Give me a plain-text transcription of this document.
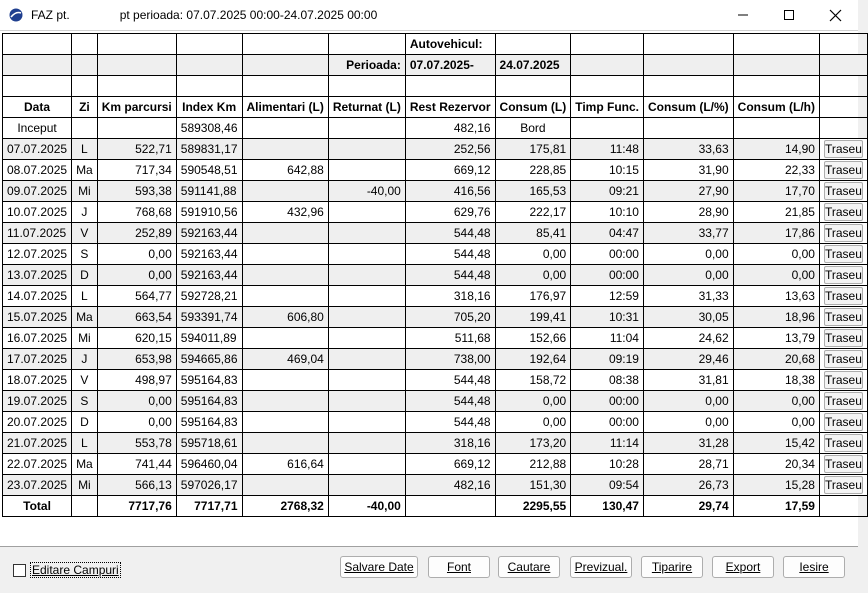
FAZ pt.	pt perioada: 07.07.2025 00:00-24.07.2025 00:00
						Autovehicul:					
					Perioada:	07.07.2025-	24.07.2025				

Data	Zi	Km parcursi	Index Km	Alimentari (L)	Returnat (L)	Rest Rezervor	Consum (L)	Timp Func.	Consum (L/%)	Consum (L/h)	
Inceput			589308,46			482,16	Bord				
07.07.2025	L	522,71	589831,17			252,56	175,81	11:48	33,63	14,90	Traseu
08.07.2025	Ma	717,34	590548,51	642,88		669,12	228,85	10:15	31,90	22,33	Traseu
09.07.2025	Mi	593,38	591141,88		-40,00	416,56	165,53	09:21	27,90	17,70	Traseu
10.07.2025	J	768,68	591910,56	432,96		629,76	222,17	10:10	28,90	21,85	Traseu
11.07.2025	V	252,89	592163,44			544,48	85,41	04:47	33,77	17,86	Traseu
12.07.2025	S	0,00	592163,44			544,48	0,00	00:00	0,00	0,00	Traseu
13.07.2025	D	0,00	592163,44			544,48	0,00	00:00	0,00	0,00	Traseu
14.07.2025	L	564,77	592728,21			318,16	176,97	12:59	31,33	13,63	Traseu
15.07.2025	Ma	663,54	593391,74	606,80		705,20	199,41	10:31	30,05	18,96	Traseu
16.07.2025	Mi	620,15	594011,89			511,68	152,66	11:04	24,62	13,79	Traseu
17.07.2025	J	653,98	594665,86	469,04		738,00	192,64	09:19	29,46	20,68	Traseu
18.07.2025	V	498,97	595164,83			544,48	158,72	08:38	31,81	18,38	Traseu
19.07.2025	S	0,00	595164,83			544,48	0,00	00:00	0,00	0,00	Traseu
20.07.2025	D	0,00	595164,83			544,48	0,00	00:00	0,00	0,00	Traseu
21.07.2025	L	553,78	595718,61			318,16	173,20	11:14	31,28	15,42	Traseu
22.07.2025	Ma	741,44	596460,04	616,64		669,12	212,88	10:28	28,71	20,34	Traseu
23.07.2025	Mi	566,13	597026,17			482,16	151,30	09:54	26,73	15,28	Traseu
Total		7717,76	7717,71	2768,32	-40,00		2295,55	130,47	29,74	17,59	
Editare Campuri	Salvare Date	Font	Cautare	Previzual.	Tiparire	Export	Iesire
